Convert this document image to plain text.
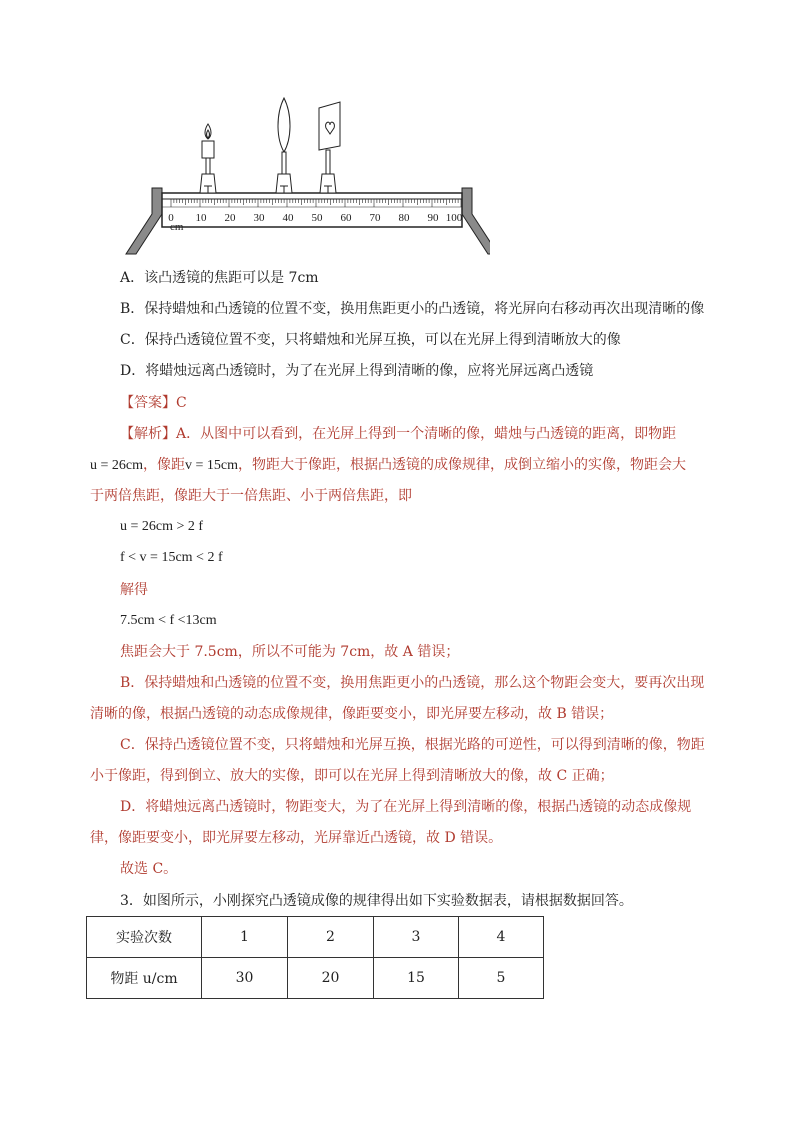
0 10 20 30 40 50 60 70 80 90 100
cm
A．该凸透镜的焦距可以是 7cm
B．保持蜡烛和凸透镜的位置不变，换用焦距更小的凸透镜，将光屏向右移动再次出现清晰的像
C．保持凸透镜位置不变，只将蜡烛和光屏互换，可以在光屏上得到清晰放大的像
D．将蜡烛远离凸透镜时，为了在光屏上得到清晰的像，应将光屏远离凸透镜
【答案】C
【解析】A．从图中可以看到，在光屏上得到一个清晰的像，蜡烛与凸透镜的距离，即物距
u = 26cm，像距v = 15cm，物距大于像距，根据凸透镜的成像规律，成倒立缩小的实像，物距会大
于两倍焦距，像距大于一倍焦距、小于两倍焦距，即
u = 26cm > 2 f
f < v = 15cm < 2 f
解得
7.5cm < f <13cm
焦距会大于 7.5cm，所以不可能为 7cm，故 A 错误；
B．保持蜡烛和凸透镜的位置不变，换用焦距更小的凸透镜，那么这个物距会变大，要再次出现
清晰的像，根据凸透镜的动态成像规律，像距要变小，即光屏要左移动，故 B 错误；
C．保持凸透镜位置不变，只将蜡烛和光屏互换，根据光路的可逆性，可以得到清晰的像，物距
小于像距，得到倒立、放大的实像，即可以在光屏上得到清晰放大的像，故 C 正确；
D．将蜡烛远离凸透镜时，物距变大，为了在光屏上得到清晰的像，根据凸透镜的动态成像规
律，像距要变小，即光屏要左移动，光屏靠近凸透镜，故 D 错误。
故选 C。
3．如图所示，小刚探究凸透镜成像的规律得出如下实验数据表，请根据数据回答。
实验次数	1	2	3	4
物距 u/cm	30	20	15	5
